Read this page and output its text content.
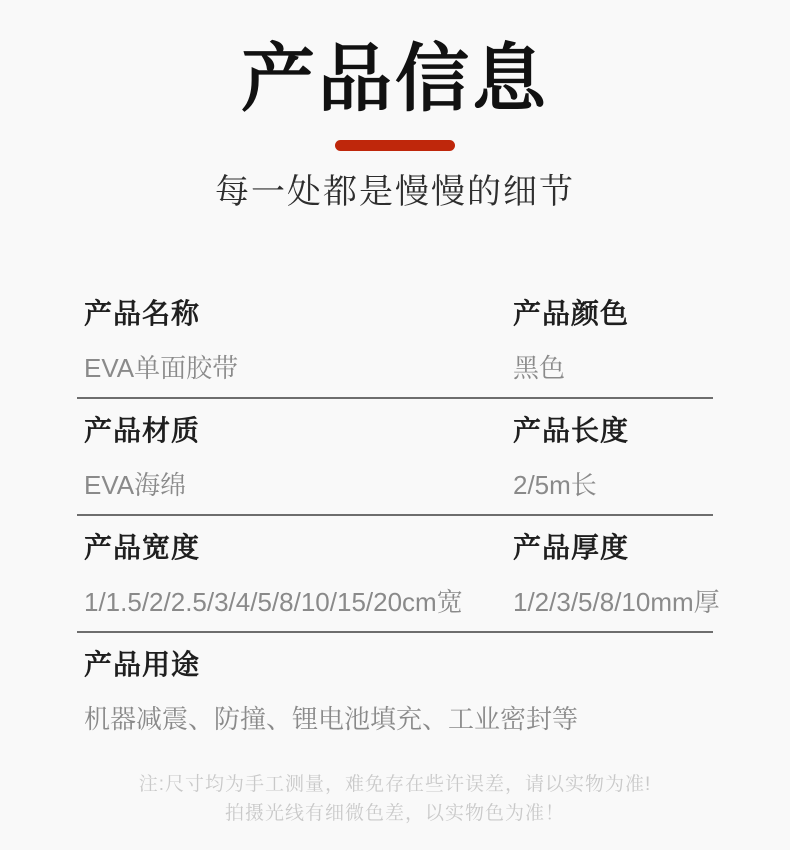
产品信息

每一处都是慢慢的细节

产品名称
EVA单面胶带
产品颜色
黑色
产品材质
EVA海绵
产品长度
2/5m长
产品宽度
1/1.5/2/2.5/3/4/5/8/10/15/20cm宽
产品厚度
1/2/3/5/8/10mm厚
产品用途
机器减震、防撞、锂电池填充、工业密封等

注:尺寸均为手工测量，难免存在些许误差，请以实物为准!

拍摄光线有细微色差，以实物色为准！
